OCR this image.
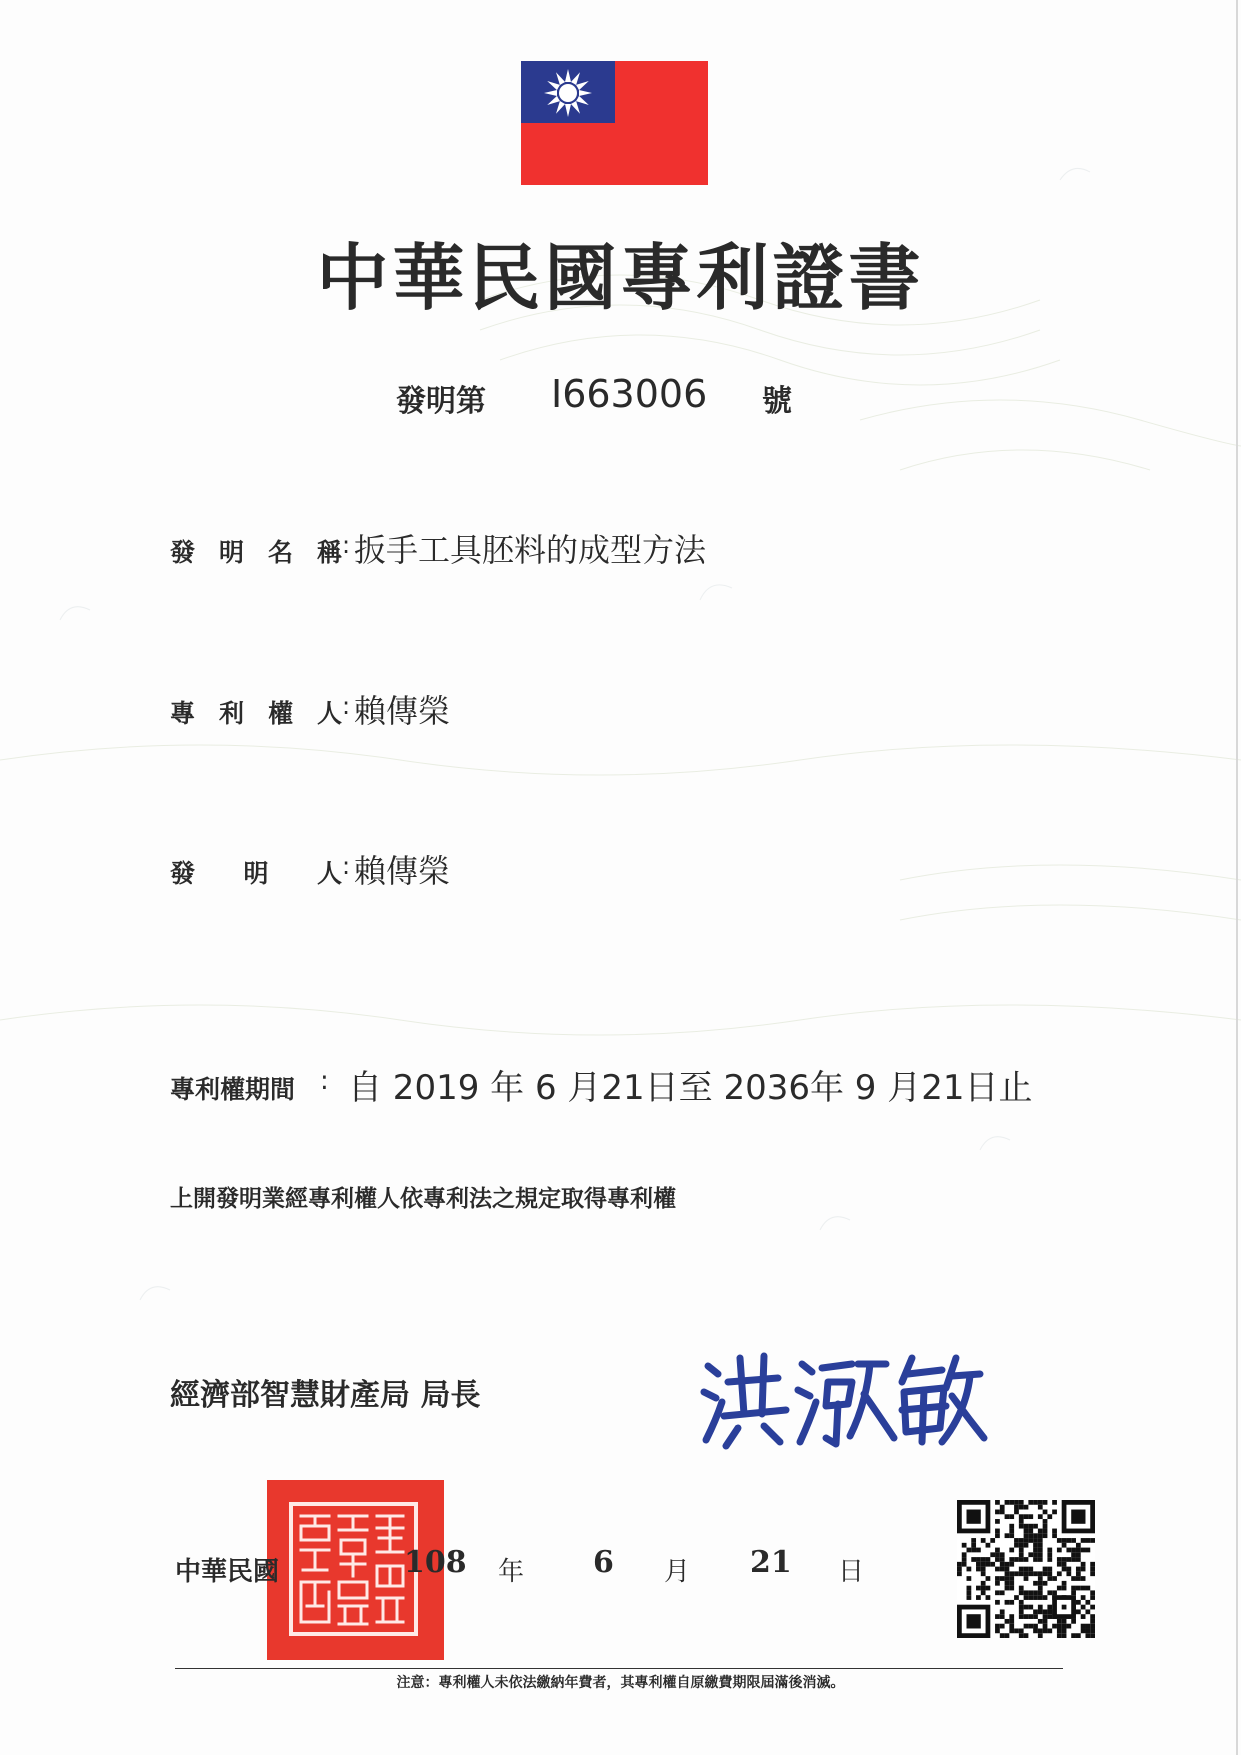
中華民國專利證書
發明第 I663006 號
發 明 名 稱 : 扳手工具胚料的成型方法
專 利 權 人 : 賴傳榮
發 明 人 : 賴傳榮
專利權期間 : 自 2019 年 6 月21日至 2036年 9 月21日止
上開發明業經專利權人依專利法之規定取得專利權
經濟部智慧財產局 局長
中華民國	108 年 6 月 21 日
注意：專利權人未依法繳納年費者，其專利權自原繳費期限屆滿後消滅。
